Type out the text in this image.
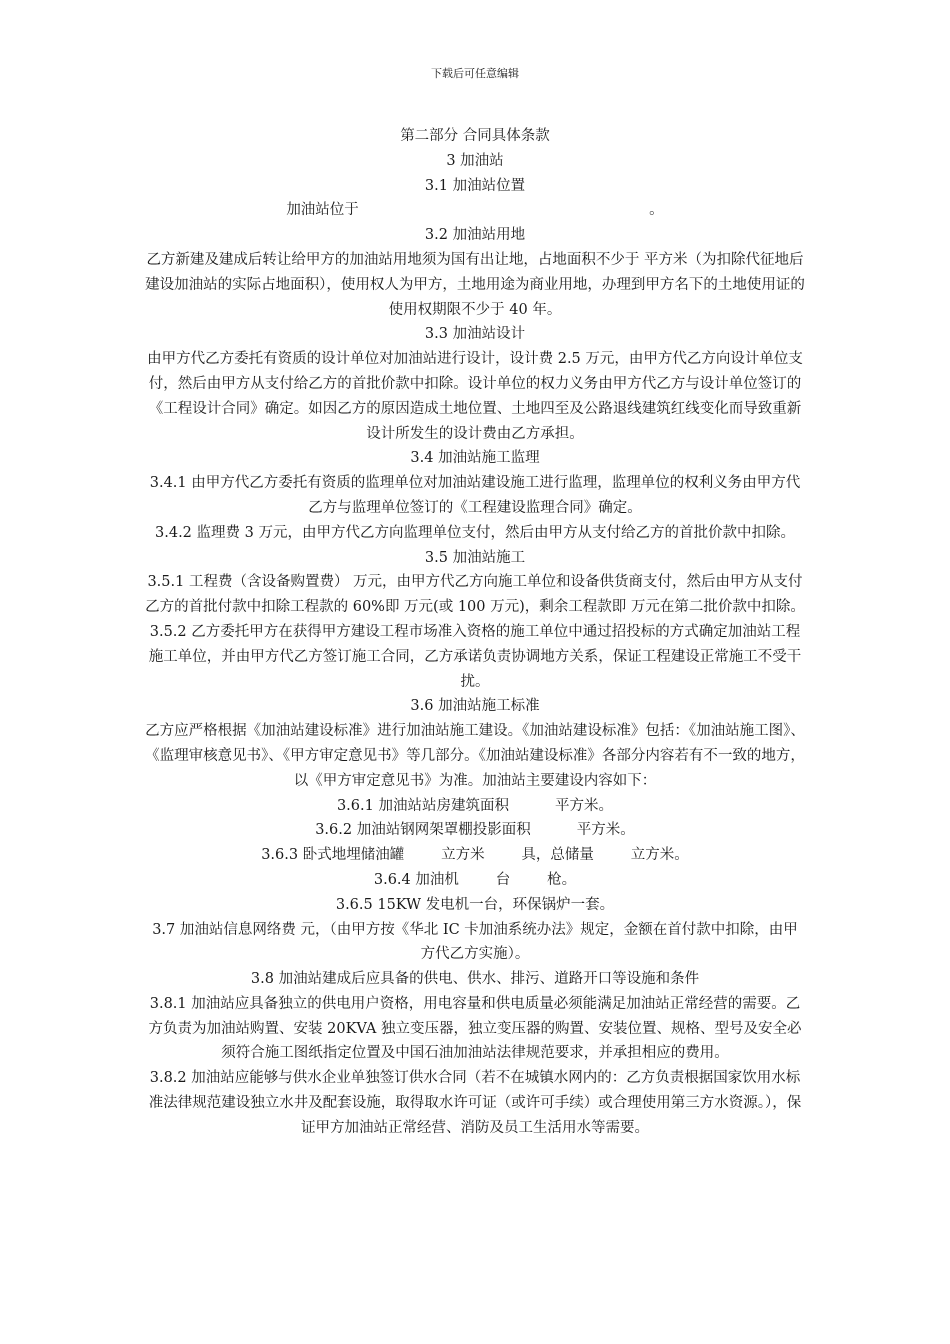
下载后可任意编辑
第二部分 合同具体条款
3 加油站
3.1 加油站位置
加油站位于                                                               。
3.2 加油站用地
乙方新建及建成后转让给甲方的加油站用地须为国有出让地，占地面积不少于 平方米（为扣除代征地后建设加油站的实际占地面积），使用权人为甲方，土地用途为商业用地，办理到甲方名下的土地使用证的使用权期限不少于 40 年。
3.3 加油站设计
由甲方代乙方委托有资质的设计单位对加油站进行设计，设计费 2.5 万元，由甲方代乙方向设计单位支付，然后由甲方从支付给乙方的首批价款中扣除。设计单位的权力义务由甲方代乙方与设计单位签订的《工程设计合同》确定。如因乙方的原因造成土地位置、土地四至及公路退线建筑红线变化而导致重新设计所发生的设计费由乙方承担。
3.4 加油站施工监理
3.4.1 由甲方代乙方委托有资质的监理单位对加油站建设施工进行监理，监理单位的权利义务由甲方代乙方与监理单位签订的《工程建设监理合同》确定。
3.4.2 监理费 3 万元，由甲方代乙方向监理单位支付，然后由甲方从支付给乙方的首批价款中扣除。
3.5 加油站施工
3.5.1 工程费（含设备购置费） 万元，由甲方代乙方向施工单位和设备供货商支付，然后由甲方从支付乙方的首批付款中扣除工程款的 60%即 万元(或 100 万元)，剩余工程款即 万元在第二批价款中扣除。
3.5.2 乙方委托甲方在获得甲方建设工程市场准入资格的施工单位中通过招投标的方式确定加油站工程施工单位，并由甲方代乙方签订施工合同，乙方承诺负责协调地方关系，保证工程建设正常施工不受干扰。
3.6 加油站施工标准
乙方应严格根据《加油站建设标准》进行加油站施工建设。《加油站建设标准》包括：《加油站施工图》、《监理审核意见书》、《甲方审定意见书》等几部分。《加油站建设标准》各部分内容若有不一致的地方，以《甲方审定意见书》为准。加油站主要建设内容如下：
3.6.1 加油站站房建筑面积          平方米。
3.6.2 加油站钢网架罩棚投影面积          平方米。
3.6.3 卧式地埋储油罐        立方米        具，总储量        立方米。
3.6.4 加油机        台        枪。
3.6.5 15KW 发电机一台，环保锅炉一套。
3.7 加油站信息网络费 元，（由甲方按《华北 IC 卡加油系统办法》规定，金额在首付款中扣除，由甲方代乙方实施）。
3.8 加油站建成后应具备的供电、供水、排污、道路开口等设施和条件
3.8.1 加油站应具备独立的供电用户资格，用电容量和供电质量必须能满足加油站正常经营的需要。乙方负责为加油站购置、安装 20KVA 独立变压器，独立变压器的购置、安装位置、规格、型号及安全必须符合施工图纸指定位置及中国石油加油站法律规范要求，并承担相应的费用。
3.8.2 加油站应能够与供水企业单独签订供水合同（若不在城镇水网内的：乙方负责根据国家饮用水标准法律规范建设独立水井及配套设施，取得取水许可证（或许可手续）或合理使用第三方水资源。），保证甲方加油站正常经营、消防及员工生活用水等需要。
